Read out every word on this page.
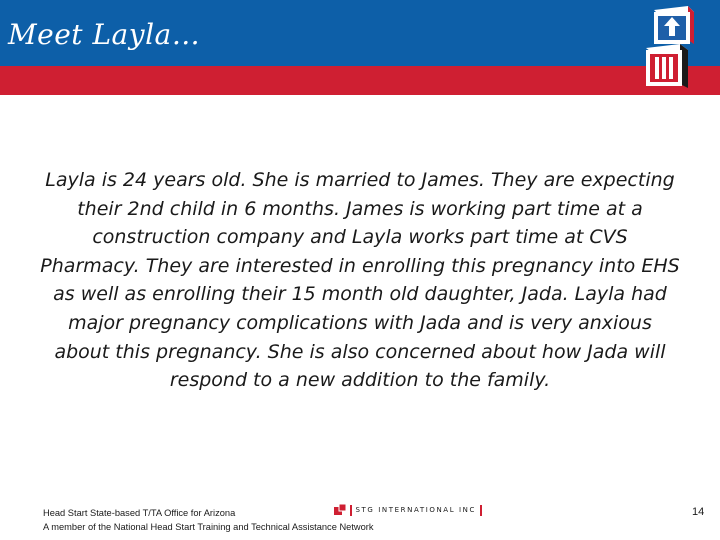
Meet Layla…
Layla is 24 years old. She is married to James. They are expecting their 2nd child in 6 months. James is working part time at a construction company and Layla works part time at CVS Pharmacy. They are interested in enrolling this pregnancy into EHS as well as enrolling their 15 month old daughter, Jada. Layla had major pregnancy complications with Jada and is very anxious about this pregnancy. She is also concerned about how Jada will respond to a new addition to the family.
Head Start State-based T/TA Office for Arizona
A member of the National Head Start Training and Technical Assistance Network
STG INTERNATIONAL INC	14
